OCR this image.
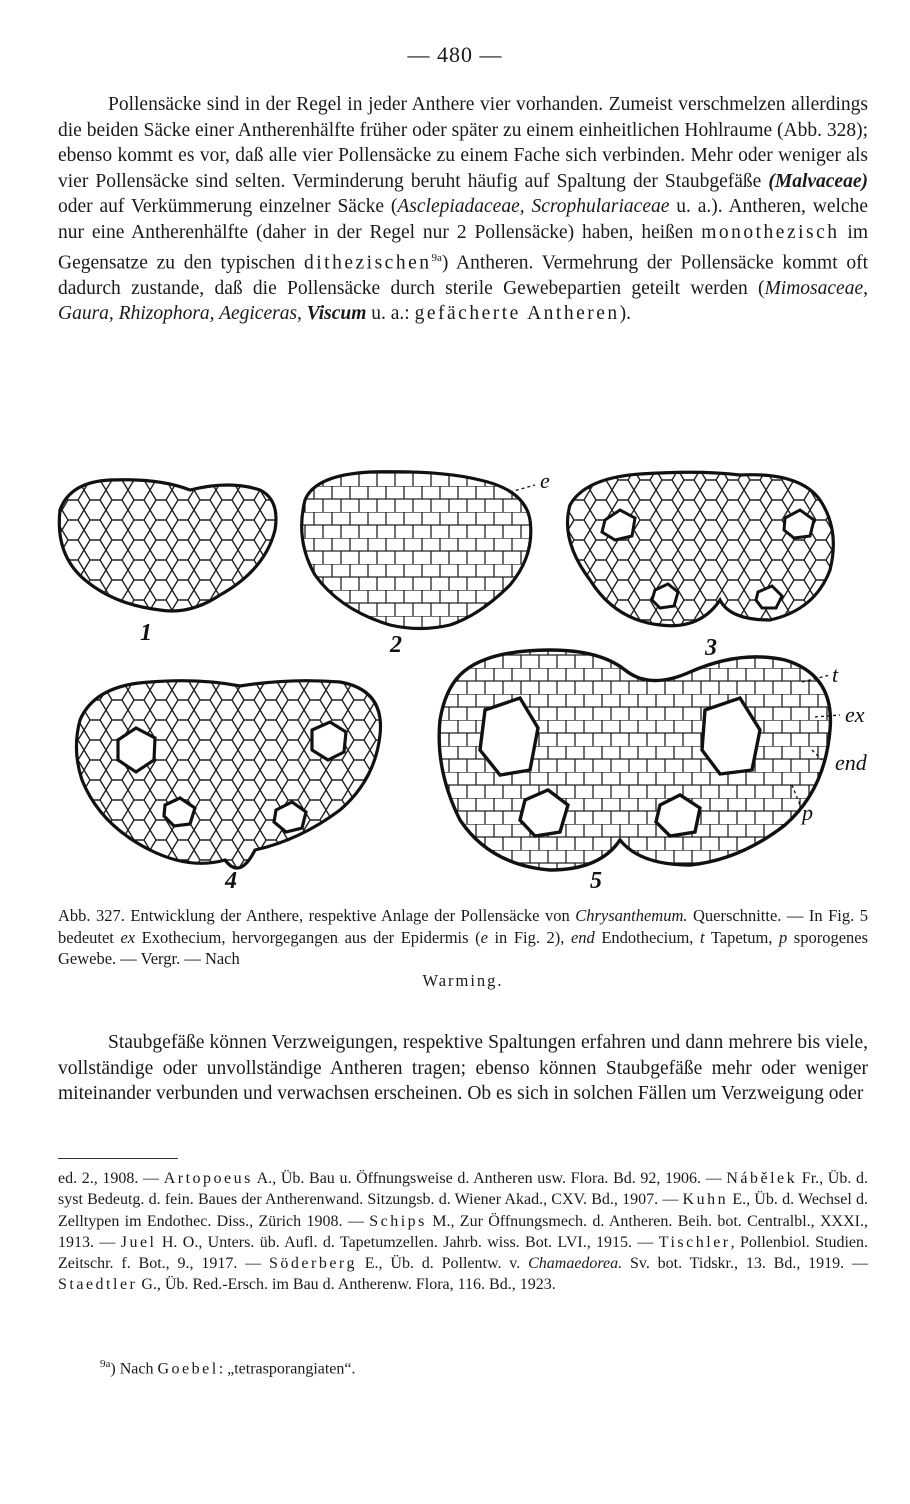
— 480 —

Pollensäcke sind in der Regel in jeder Anthere vier vorhanden. Zumeist verschmelzen allerdings die beiden Säcke einer Antherenhälfte früher oder später zu einem einheitlichen Hohlraume (Abb. 328); ebenso kommt es vor, daß alle vier Pollensäcke zu einem Fache sich verbinden. Mehr oder weniger als vier Pollensäcke sind selten. Verminderung beruht häufig auf Spaltung der Staubgefäße (Malvaceae) oder auf Verkümmerung einzelner Säcke (Asclepiadaceae, Scrophulariaceae u. a.). Antheren, welche nur eine Antherenhälfte (daher in der Regel nur 2 Pollensäcke) haben, heißen monothezisch im Gegensatze zu den typischen dithezischen$^{9a}$) Antheren. Vermehrung der Pollensäcke kommt oft dadurch zustande, daß die Pollensäcke durch sterile Gewebepartien geteilt werden (Mimosaceae, Gaura, Rhizophora, Aegiceras, Viscum u. a.: gefächerte Antheren).

1	2	3
4	5
e
t
ex
end
p
Abb. 327. Entwicklung der Anthere, respektive Anlage der Pollensäcke von Chrysanthemum. Querschnitte. — In Fig. 5 bedeutet ex Exothecium, hervorgegangen aus der Epidermis (e in Fig. 2), end Endothecium, t Tapetum, p sporogenes Gewebe. — Vergr. — Nach
Warming.

Staubgefäße können Verzweigungen, respektive Spaltungen erfahren und dann mehrere bis viele, vollständige oder unvollständige Antheren tragen; ebenso können Staubgefäße mehr oder weniger miteinander verbunden und verwachsen erscheinen. Ob es sich in solchen Fällen um Verzweigung oder

ed. 2., 1908. — Artopoeus A., Üb. Bau u. Öffnungsweise d. Antheren usw. Flora. Bd. 92, 1906. — Nábělek Fr., Üb. d. syst Bedeutg. d. fein. Baues der Antherenwand. Sitzungsb. d. Wiener Akad., CXV. Bd., 1907. — Kuhn E., Üb. d. Wechsel d. Zelltypen im Endothec. Diss., Zürich 1908. — Schips M., Zur Öffnungsmech. d. Antheren. Beih. bot. Centralbl., XXXI., 1913. — Juel H. O., Unters. üb. Aufl. d. Tapetumzellen. Jahrb. wiss. Bot. LVI., 1915. — Tischler, Pollenbiol. Studien. Zeitschr. f. Bot., 9., 1917. — Söderberg E., Üb. d. Pollentw. v. Chamaedorea. Sv. bot. Tidskr., 13. Bd., 1919. — Staedtler G., Üb. Red.-Ersch. im Bau d. Antherenw. Flora, 116. Bd., 1923.

$^{9a}$) Nach Goebel: „tetrasporangiaten“.
